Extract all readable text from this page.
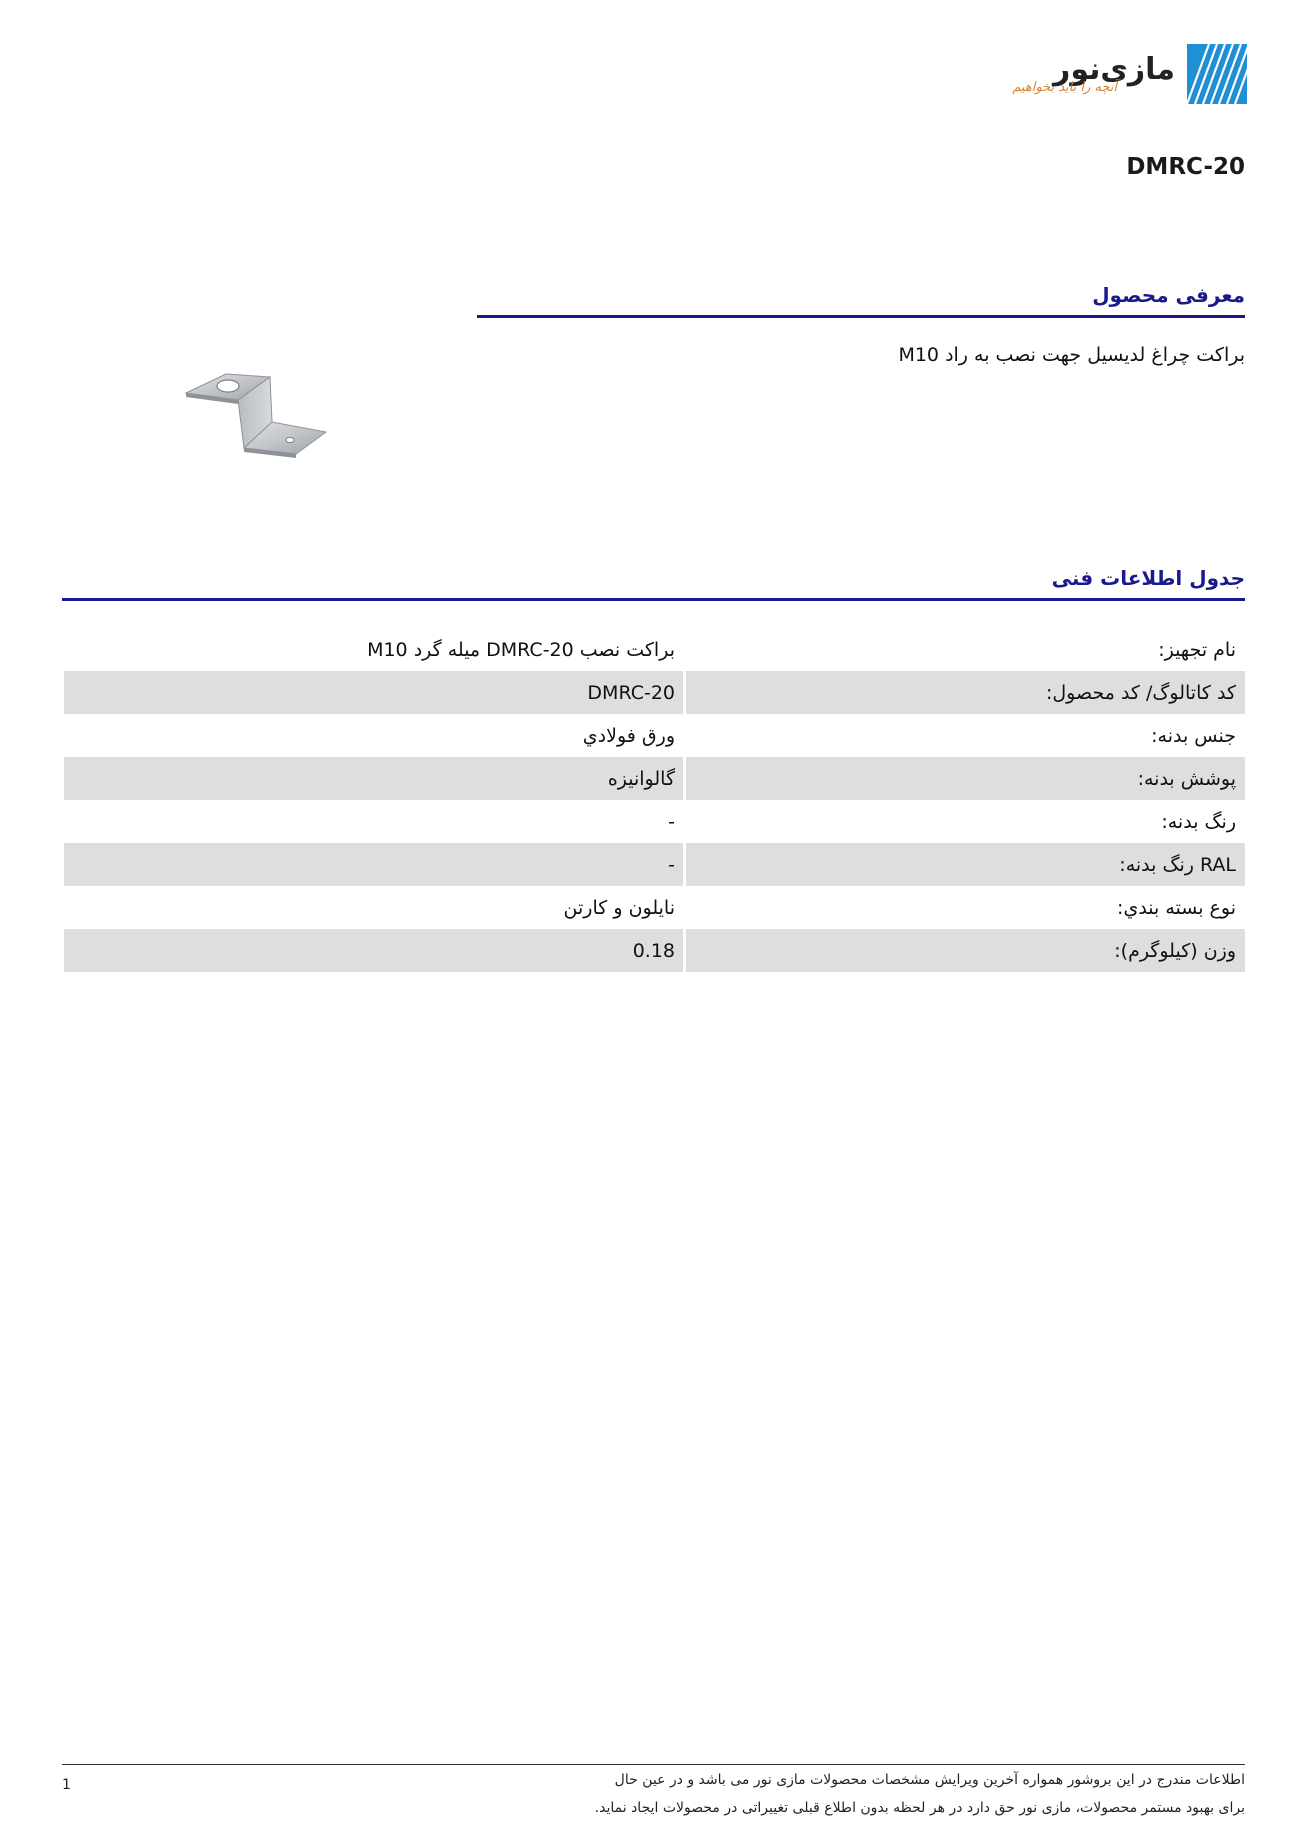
مازی‌نور
آنچه را باید بخواهیم
DMRC-20
معرفی محصول
براکت چراغ لدیسیل جهت نصب به راد M10
جدول اطلاعات فنی
نام تجهیز:
براکت نصب DMRC-20 میله گرد M10
کد کاتالوگ/ کد محصول:
DMRC-20
جنس بدنه:
ورق فولادي
پوشش بدنه:
گالوانیزه
رنگ بدنه:
-
RAL رنگ بدنه:
-
نوع بسته بندي:
نایلون و کارتن
وزن (کیلوگرم):
0.18
اطلاعات مندرج در این بروشور همواره آخرین ویرایش مشخصات محصولات مازی نور می باشد و در عین حال
برای بهبود مستمر محصولات، مازی نور حق دارد در هر لحظه بدون اطلاع قبلی تغییراتی در محصولات ایجاد نماید.
1
